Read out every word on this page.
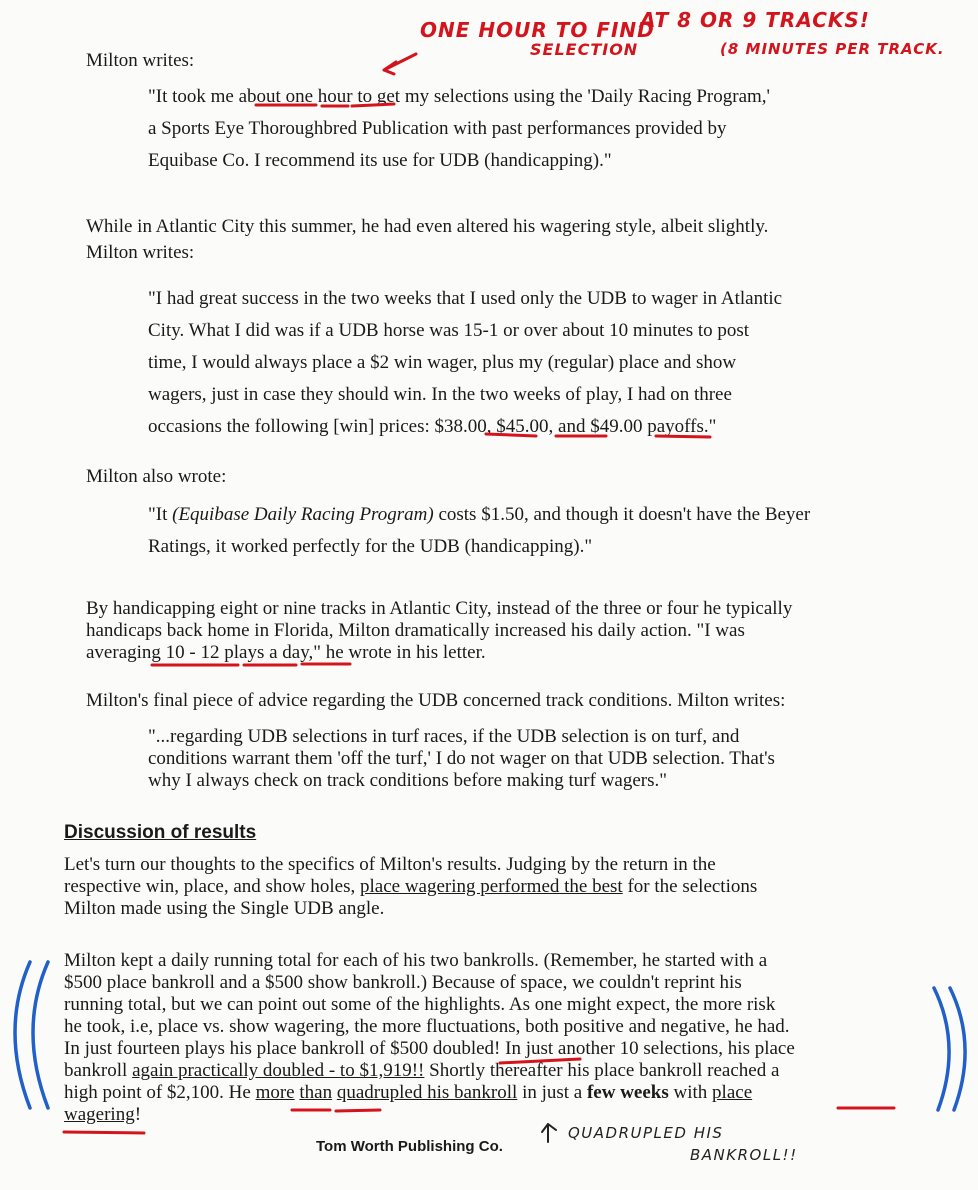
ONE HOUR TO FIND
AT 8 OR 9 TRACKS!
SELECTION	(8 MINUTES PER TRACK.
Milton writes:
"It took me about one hour to get my selections using the 'Daily Racing Program,'
a Sports Eye Thoroughbred Publication with past performances provided by
Equibase Co. I recommend its use for UDB (handicapping)."
While in Atlantic City this summer, he had even altered his wagering style, albeit slightly.
Milton writes:
"I had great success in the two weeks that I used only the UDB to wager in Atlantic
City. What I did was if a UDB horse was 15-1 or over about 10 minutes to post
time, I would always place a $2 win wager, plus my (regular) place and show
wagers, just in case they should win. In the two weeks of play, I had on three
occasions the following [win] prices: $38.00, $45.00, and $49.00 payoffs."
Milton also wrote:
"It (Equibase Daily Racing Program) costs $1.50, and though it doesn't have the Beyer
Ratings, it worked perfectly for the UDB (handicapping)."
By handicapping eight or nine tracks in Atlantic City, instead of the three or four he typically
handicaps back home in Florida, Milton dramatically increased his daily action. "I was
averaging 10 - 12 plays a day," he wrote in his letter.
Milton's final piece of advice regarding the UDB concerned track conditions. Milton writes:
"...regarding UDB selections in turf races, if the UDB selection is on turf, and
conditions warrant them 'off the turf,' I do not wager on that UDB selection. That's
why I always check on track conditions before making turf wagers."
Discussion of results
Let's turn our thoughts to the specifics of Milton's results. Judging by the return in the
respective win, place, and show holes, place wagering performed the best for the selections
Milton made using the Single UDB angle.
Milton kept a daily running total for each of his two bankrolls. (Remember, he started with a
$500 place bankroll and a $500 show bankroll.) Because of space, we couldn't reprint his
running total, but we can point out some of the highlights. As one might expect, the more risk
he took, i.e, place vs. show wagering, the more fluctuations, both positive and negative, he had.
In just fourteen plays his place bankroll of $500 doubled! In just another 10 selections, his place
bankroll again practically doubled - to $1,919!! Shortly thereafter his place bankroll reached a
high point of $2,100. He more than quadrupled his bankroll in just a few weeks with place
wagering!
Tom Worth Publishing Co.
QUADRUPLED HIS
BANKROLL!!
